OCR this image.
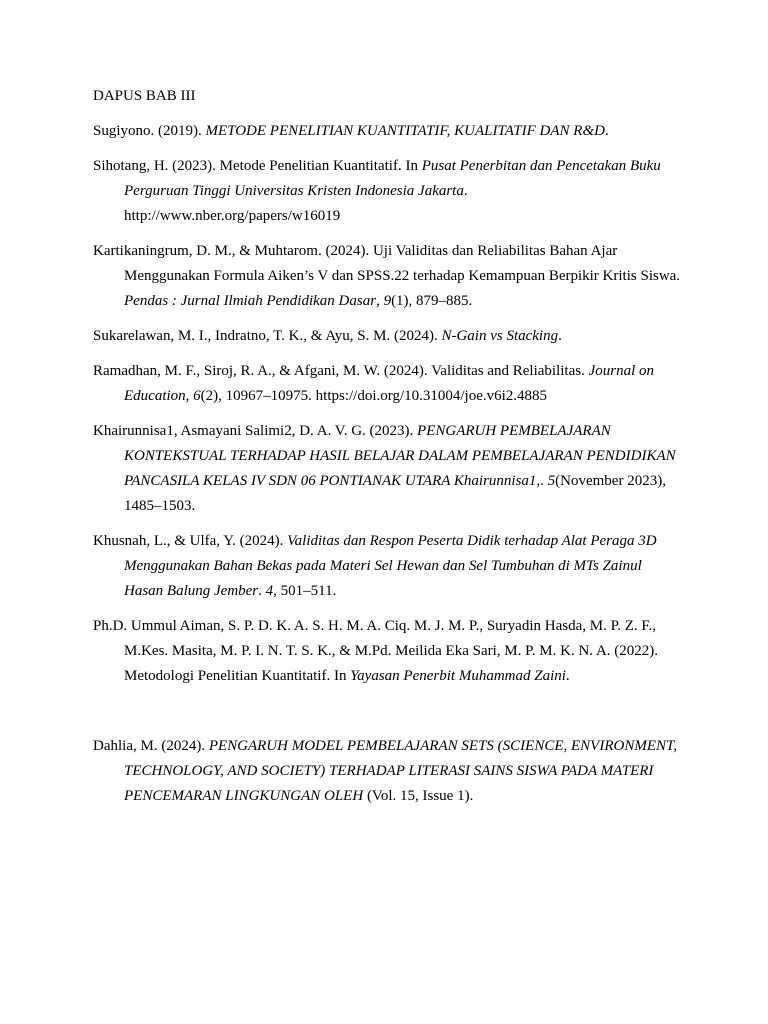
DAPUS BAB III
Sugiyono. (2019). METODE PENELITIAN KUANTITATIF, KUALITATIF DAN R&D.
Sihotang, H. (2023). Metode Penelitian Kuantitatif. In Pusat Penerbitan dan Pencetakan Buku Perguruan Tinggi Universitas Kristen Indonesia Jakarta. http://www.nber.org/papers/w16019
Kartikaningrum, D. M., & Muhtarom. (2024). Uji Validitas dan Reliabilitas Bahan Ajar Menggunakan Formula Aiken’s V dan SPSS.22 terhadap Kemampuan Berpikir Kritis Siswa. Pendas : Jurnal Ilmiah Pendidikan Dasar, 9(1), 879–885.
Sukarelawan, M. I., Indratno, T. K., & Ayu, S. M. (2024). N-Gain vs Stacking.
Ramadhan, M. F., Siroj, R. A., & Afgani, M. W. (2024). Validitas and Reliabilitas. Journal on Education, 6(2), 10967–10975. https://doi.org/10.31004/joe.v6i2.4885
Khairunnisa1, Asmayani Salimi2, D. A. V. G. (2023). PENGARUH PEMBELAJARAN KONTEKSTUAL TERHADAP HASIL BELAJAR DALAM PEMBELAJARAN PENDIDIKAN PANCASILA KELAS IV SDN 06 PONTIANAK UTARA Khairunnisa1,. 5(November 2023), 1485–1503.
Khusnah, L., & Ulfa, Y. (2024). Validitas dan Respon Peserta Didik terhadap Alat Peraga 3D Menggunakan Bahan Bekas pada Materi Sel Hewan dan Sel Tumbuhan di MTs Zainul Hasan Balung Jember. 4, 501–511.
Ph.D. Ummul Aiman, S. P. D. K. A. S. H. M. A. Ciq. M. J. M. P., Suryadin Hasda, M. P. Z. F., M.Kes. Masita, M. P. I. N. T. S. K., & M.Pd. Meilida Eka Sari, M. P. M. K. N. A. (2022). Metodologi Penelitian Kuantitatif. In Yayasan Penerbit Muhammad Zaini.
Dahlia, M. (2024). PENGARUH MODEL PEMBELAJARAN SETS (SCIENCE, ENVIRONMENT, TECHNOLOGY, AND SOCIETY) TERHADAP LITERASI SAINS SISWA PADA MATERI PENCEMARAN LINGKUNGAN OLEH (Vol. 15, Issue 1).
